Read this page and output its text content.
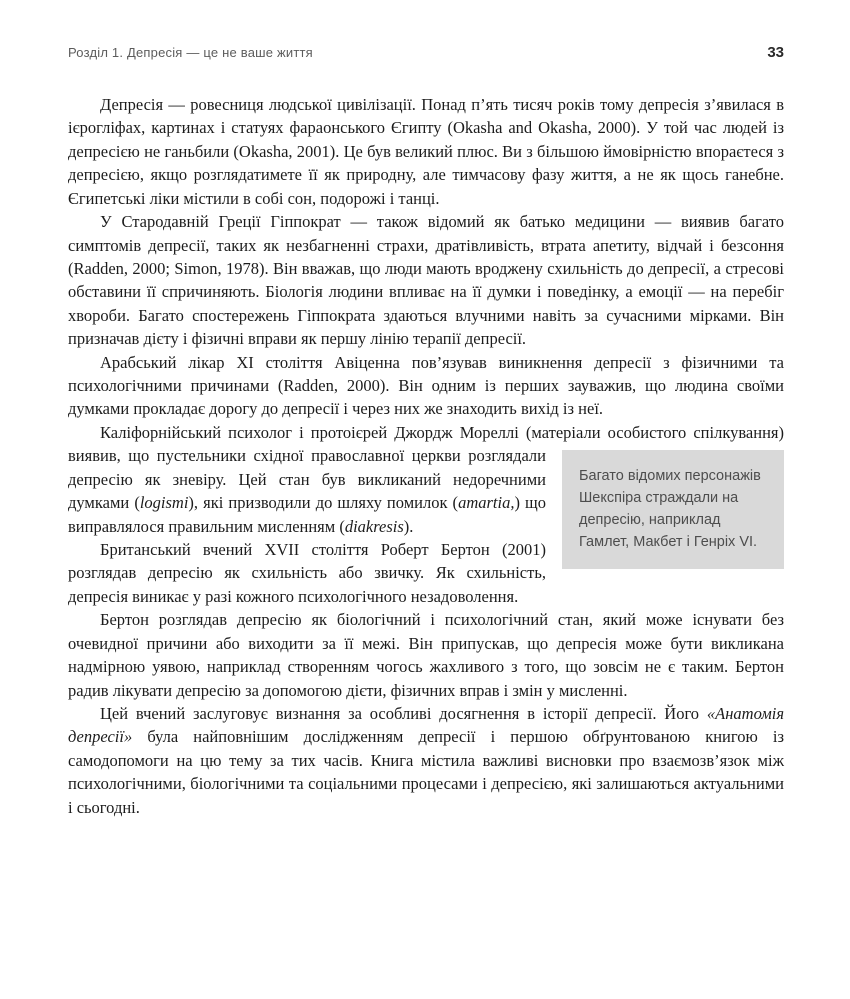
Розділ 1. Депресія — це не ваше життя	33

Депресія — ровесниця людської цивілізації. Понад п’ять тисяч років тому депресія з’явилася в ієрогліфах, картинах і статуях фараонського Єгипту (Okasha and Okasha, 2000). У той час людей із депресією не ганьбили (Okasha, 2001). Це був великий плюс. Ви з більшою ймовірністю впораєтеся з депресією, якщо розглядатимете її як природну, але тимчасову фазу життя, а не як щось ганебне. Єгипетські ліки містили в собі сон, подорожі і танці.

У Стародавній Греції Гіппократ — також відомий як батько медицини — виявив багато симптомів депресії, таких як незбагненні страхи, дратівливість, втрата апетиту, відчай і безсоння (Radden, 2000; Simon, 1978). Він вважав, що люди мають вроджену схильність до депресії, а стресові обставини її спричиняють. Біологія людини впливає на її думки і поведінку, а емоції — на перебіг хвороби. Багато спостережень Гіппократа здаються влучними навіть за сучасними мірками. Він призначав дієту і фізичні вправи як першу лінію терапії депресії.

Арабський лікар XI століття Авіценна пов’язував виникнення депресії з фізичними та психологічними причинами (Radden, 2000). Він одним із перших зауважив, що людина своїми думками прокладає дорогу до депресії і через них же знаходить вихід із неї.

Каліфорнійський психолог і протоієрей Джордж Мореллі (матеріали особистого спілкування) виявив, що
Багато відомих персонажів Шекспіра страждали на депресію, наприклад Гамлет, Макбет і Генріх VI.
пустельники східної православної церкви розглядали депресію як зневіру. Цей стан був викликаний недоречними думками (logismi), які призводили до шляху помилок (amartia,) що виправлялося правильним мисленням (diakresis).

Британський вчений XVII століття Роберт Бертон (2001) розглядав депресію як схильність або звичку. Як схильність, депресія виникає у разі кожного психологічного незадоволення.

Бертон розглядав депресію як біологічний і психологічний стан, який може існувати без очевидної причини або виходити за її межі. Він припускав, що депресія може бути викликана надмірною уявою, наприклад створенням чогось жахливого з того, що зовсім не є таким. Бертон радив лікувати депресію за допомогою дієти, фізичних вправ і змін у мисленні.

Цей вчений заслуговує визнання за особливі досягнення в історії депресії. Його «Анатомія депресії» була найповнішим дослідженням депресії і першою обґрунтованою книгою із самодопомоги на цю тему за тих часів. Книга містила важливі висновки про взаємозв’язок між психологічними, біологічними та соціальними процесами і депресією, які залишаються актуальними і сьогодні.
